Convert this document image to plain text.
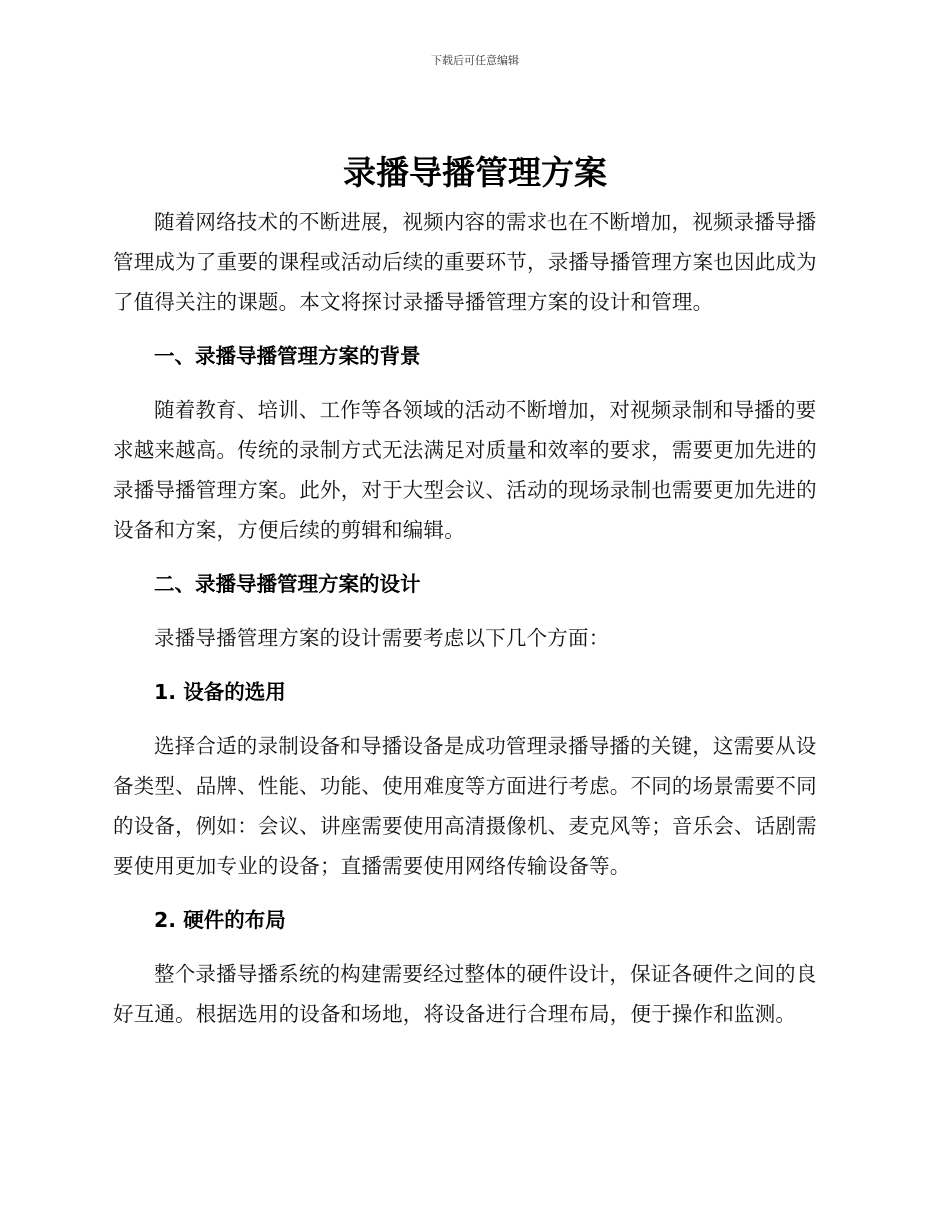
下载后可任意编辑
录播导播管理方案

随着网络技术的不断进展，视频内容的需求也在不断增加，视频录播导播管理成为了重要的课程或活动后续的重要环节，录播导播管理方案也因此成为了值得关注的课题。本文将探讨录播导播管理方案的设计和管理。

一、录播导播管理方案的背景

随着教育、培训、工作等各领域的活动不断增加，对视频录制和导播的要求越来越高。传统的录制方式无法满足对质量和效率的要求，需要更加先进的录播导播管理方案。此外，对于大型会议、活动的现场录制也需要更加先进的设备和方案，方便后续的剪辑和编辑。

二、录播导播管理方案的设计

录播导播管理方案的设计需要考虑以下几个方面：

1. 设备的选用

选择合适的录制设备和导播设备是成功管理录播导播的关键，这需要从设备类型、品牌、性能、功能、使用难度等方面进行考虑。不同的场景需要不同的设备，例如：会议、讲座需要使用高清摄像机、麦克风等；音乐会、话剧需要使用更加专业的设备；直播需要使用网络传输设备等。

2. 硬件的布局

整个录播导播系统的构建需要经过整体的硬件设计，保证各硬件之间的良好互通。根据选用的设备和场地，将设备进行合理布局，便于操作和监测。
